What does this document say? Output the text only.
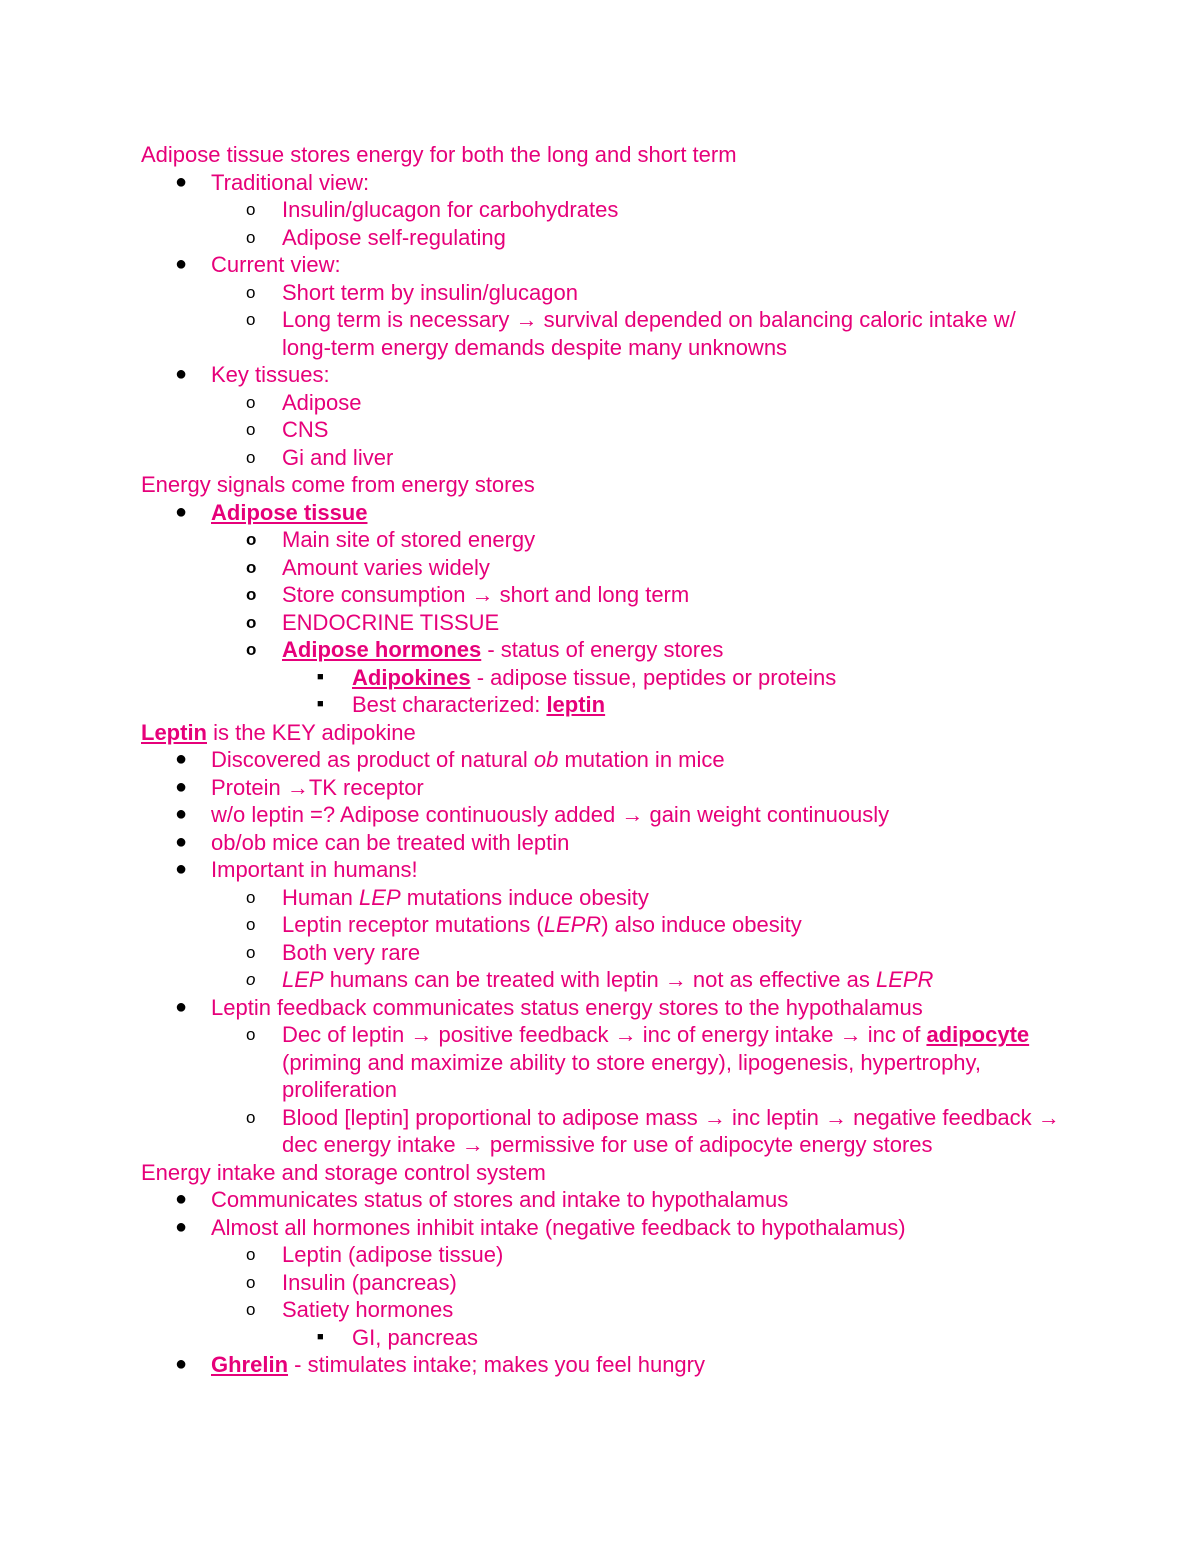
Adipose tissue stores energy for both the long and short term

● Traditional view:
o Insulin/glucagon for carbohydrates
o Adipose self-regulating
● Current view:
o Short term by insulin/glucagon
o Long term is necessary → survival depended on balancing caloric intake w/ long-term energy demands despite many unknowns
● Key tissues:
o Adipose
o CNS
o Gi and liver

Energy signals come from energy stores

● Adipose tissue
o Main site of stored energy
o Amount varies widely
o Store consumption → short and long term
o ENDOCRINE TISSUE
o Adipose hormones - status of energy stores
■ Adipokines - adipose tissue, peptides or proteins
■ Best characterized: leptin

Leptin is the KEY adipokine

● Discovered as product of natural ob mutation in mice
● Protein →TK receptor
● w/o leptin =? Adipose continuously added → gain weight continuously
● ob/ob mice can be treated with leptin
● Important in humans!
o Human LEP mutations induce obesity
o Leptin receptor mutations (LEPR) also induce obesity
o Both very rare
o LEP humans can be treated with leptin → not as effective as LEPR
● Leptin feedback communicates status energy stores to the hypothalamus
o Dec of leptin → positive feedback → inc of energy intake → inc of adipocyte (priming and maximize ability to store energy), lipogenesis, hypertrophy, proliferation
o Blood [leptin] proportional to adipose mass → inc leptin → negative feedback → dec energy intake → permissive for use of adipocyte energy stores

Energy intake and storage control system

● Communicates status of stores and intake to hypothalamus
● Almost all hormones inhibit intake (negative feedback to hypothalamus)
o Leptin (adipose tissue)
o Insulin (pancreas)
o Satiety hormones
■ GI, pancreas
● Ghrelin - stimulates intake; makes you feel hungry
